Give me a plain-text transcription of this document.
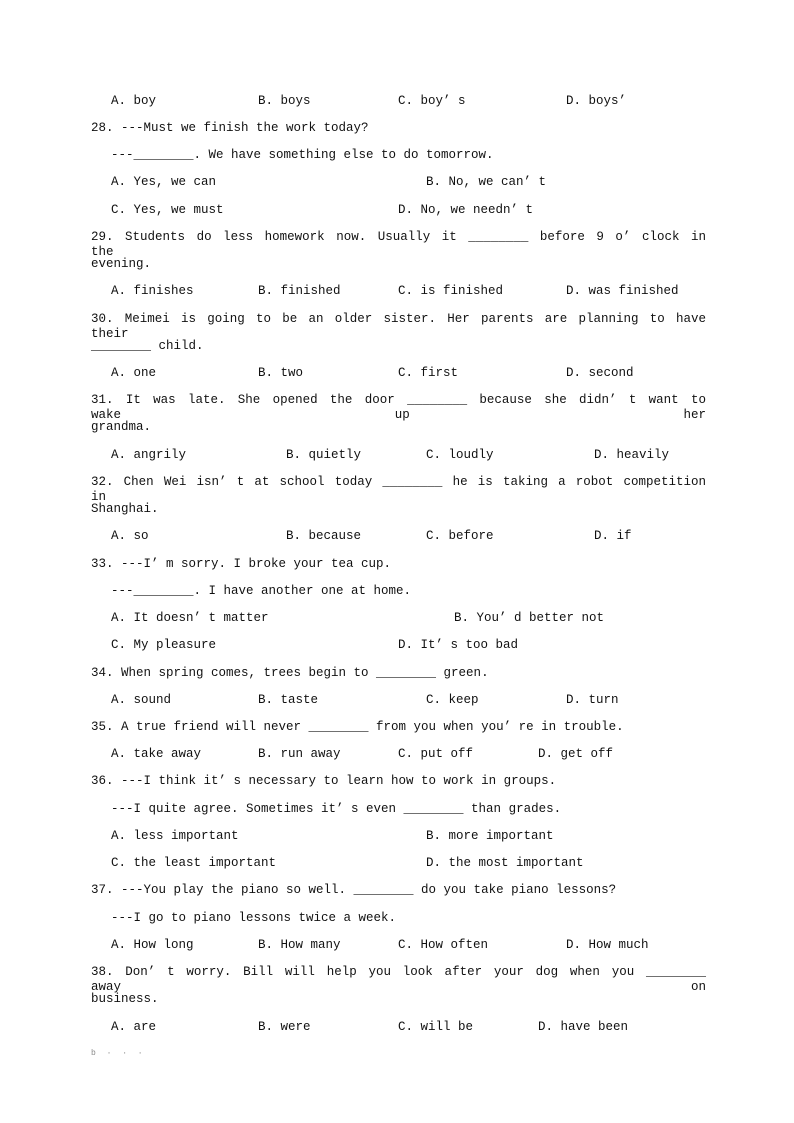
A. boy	B. boys	C. boy’ s	D. boys’
28. ---Must we finish the work today?
---________. We have something else to do tomorrow.
A. Yes, we can	B. No, we can’ t
C. Yes, we must	D. No, we needn’ t
29. Students do less homework now. Usually it ________ before 9 o’ clock in the
evening.
A. finishes	B. finished	C. is finished	D. was finished
30. Meimei is going to be an older sister. Her parents are planning to have their
________ child.
A. one	B. two	C. first	D. second
31. It was late. She opened the door ________ because she didn’ t want to wake up her
grandma.
A. angrily	B. quietly	C. loudly	D. heavily
32. Chen Wei isn’ t at school today ________ he is taking a robot competition in
Shanghai.
A. so	B. because	C. before	D. if
33. ---I’ m sorry. I broke your tea cup.
---________. I have another one at home.
A. It doesn’ t matter	B. You’ d better not
C. My pleasure	D. It’ s too bad
34. When spring comes, trees begin to ________ green.
A. sound	B. taste	C. keep	D. turn
35. A true friend will never ________ from you when you’ re in trouble.
A. take away	B. run away	C. put off	D. get off
36. ---I think it’ s necessary to learn how to work in groups.
---I quite agree. Sometimes it’ s even ________ than grades.
A. less important	B. more important
C. the least important	D. the most important
37. ---You play the piano so well. ________ do you take piano lessons?
---I go to piano lessons twice a week.
A. How long	B. How many	C. How often	D. How much
38. Don’ t worry. Bill will help you look after your dog when you ________ away on
business.
A. are	B. were	C. will be	D. have been
b · · ·
